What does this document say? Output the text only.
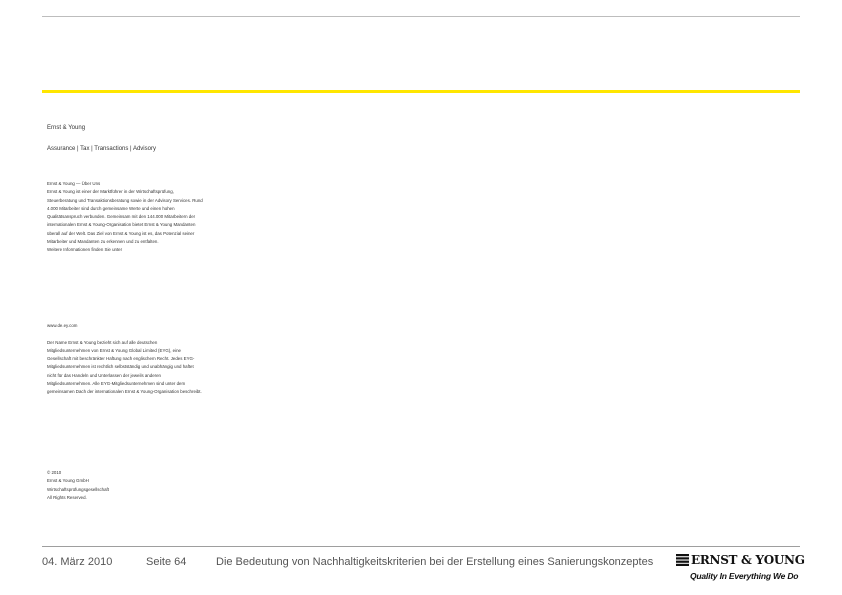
Ernst & Young
Assurance | Tax | Transactions | Advisory
Ernst & Young — Über Uns
Ernst & Young ist einer der Marktführer in der Wirtschaftsprüfung,
Steuerberatung und Transaktionsberatung sowie in der Advisory Services. Rund
4.000 Mitarbeiter sind durch gemeinsame Werte und einen hohen
Qualitätsanspruch verbunden. Gemeinsam mit den 144.000 Mitarbeitern der
internationalen Ernst & Young-Organisation bietet Ernst & Young Mandanten
überall auf der Welt. Das Ziel von Ernst & Young ist es, das Potenzial seiner
Mitarbeiter und Mandanten zu erkennen und zu entfalten.
Weitere Informationen finden Sie unter
www.de.ey.com
Der Name Ernst & Young bezieht sich auf alle deutschen
Mitgliedsunternehmen von Ernst & Young Global Limited (EYG), eine
Gesellschaft mit beschränkter Haftung nach englischem Recht. Jedes EYG-
Mitgliedsunternehmen ist rechtlich selbstständig und unabhängig und haftet
nicht für das Handeln und Unterlassen der jeweils anderen
Mitgliedsunternehmen. Alle EYG-Mitgliedsunternehmen sind unter dem
gemeinsamen Dach der internationalen Ernst & Young-Organisation beschreibt.
© 2010
Ernst & Young GmbH
Wirtschaftsprüfungsgesellschaft
All Rights Reserved.
04. März 2010	Seite 64	Die Bedeutung von Nachhaltigkeitskriterien bei der Erstellung eines Sanierungskonzeptes	ERNST & YOUNG
Quality In Everything We Do
